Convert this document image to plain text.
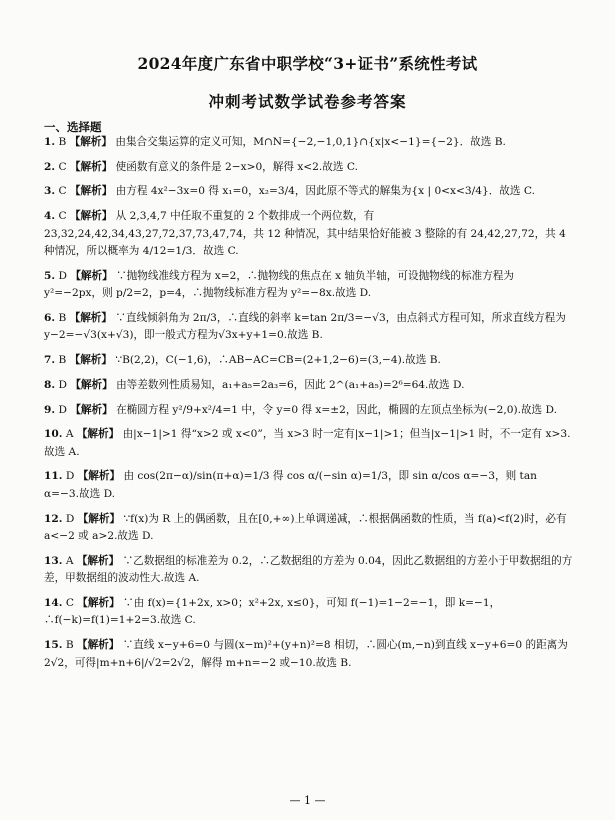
2024年度广东省中职学校“3+证书”系统性考试
冲刺考试数学试卷参考答案
一、选择题
1. B 【解析】 由集合交集运算的定义可知，M∩N={−2,−1,0,1}∩{x|x<−1}={−2}．故选 B.
2. C 【解析】 使函数有意义的条件是 2−x>0，解得 x<2.故选 C.
3. C 【解析】 由方程 4x²−3x=0 得 x₁=0，x₂=3/4，因此原不等式的解集为{x | 0<x<3/4}．故选 C.
4. C 【解析】 从 2,3,4,7 中任取不重复的 2 个数排成一个两位数，有 23,32,24,42,34,43,27,72,37,73,47,74，共 12 种情况，其中结果恰好能被 3 整除的有 24,42,27,72，共 4 种情况，所以概率为 4/12=1/3．故选 C.
5. D 【解析】 ∵抛物线准线方程为 x=2，∴抛物线的焦点在 x 轴负半轴，可设抛物线的标准方程为 y²=−2px，则 p/2=2，p=4，∴抛物线标准方程为 y²=−8x.故选 D.
6. B 【解析】 ∵直线倾斜角为 2π/3，∴直线的斜率 k=tan 2π/3=−√3，由点斜式方程可知，所求直线方程为 y−2=−√3(x+√3)，即一般式方程为√3x+y+1=0.故选 B.
7. B 【解析】 ∵B(2,2)，C(−1,6)，∴AB−AC=CB=(2+1,2−6)=(3,−4).故选 B.
8. D 【解析】 由等差数列性质易知，a₁+a₅=2a₃=6，因此 2^(a₁+a₅)=2⁶=64.故选 D.
9. D 【解析】 在椭圆方程 y²/9+x²/4=1 中，令 y=0 得 x=±2，因此，椭圆的左顶点坐标为(−2,0).故选 D.
10. A 【解析】 由|x−1|>1 得“x>2 或 x<0”，当 x>3 时一定有|x−1|>1；但当|x−1|>1 时，不一定有 x>3.故选 A.
11. D 【解析】 由 cos(2π−α)/sin(π+α)=1/3 得 cos α/(−sin α)=1/3，即 sin α/cos α=−3，则 tan α=−3.故选 D.
12. D 【解析】 ∵f(x)为 R 上的偶函数，且在[0,+∞)上单调递减，∴根据偶函数的性质，当 f(a)<f(2)时，必有 a<−2 或 a>2.故选 D.
13. A 【解析】 ∵乙数据组的标准差为 0.2，∴乙数据组的方差为 0.04，因此乙数据组的方差小于甲数据组的方差，甲数据组的波动性大.故选 A.
14. C 【解析】 ∵由 f(x)={1+2x, x>0；x²+2x, x≤0}，可知 f(−1)=1−2=−1，即 k=−1，∴f(−k)=f(1)=1+2=3.故选 C.
15. B 【解析】 ∵直线 x−y+6=0 与圆(x−m)²+(y+n)²=8 相切，∴圆心(m,−n)到直线 x−y+6=0 的距离为 2√2，可得|m+n+6|/√2=2√2，解得 m+n=−2 或−10.故选 B.
— 1 —
